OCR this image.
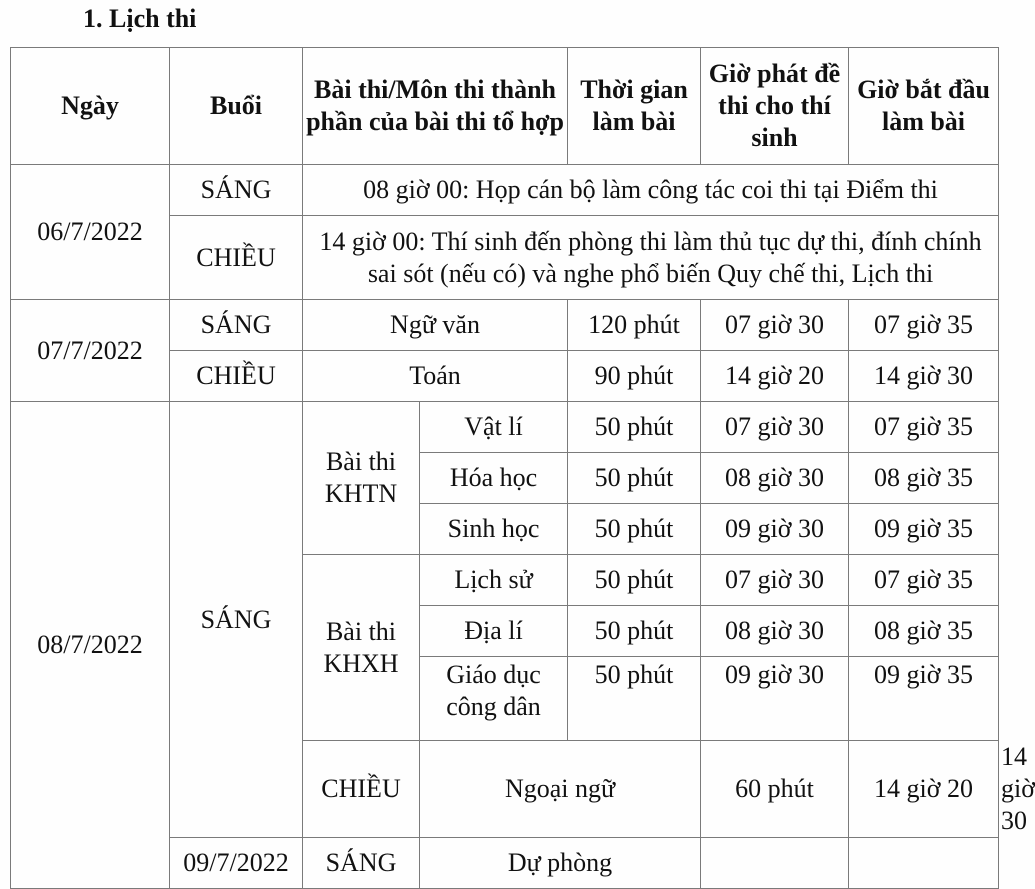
1. Lịch thi
Ngày	Buổi	Bài thi/Môn thi thành phần của bài thi tổ hợp		Thời gian làm bài	Giờ phát đề thi cho thí sinh	Giờ bắt đầu làm bài	
06/7/2022	SÁNG	08 giờ 00: Họp cán bộ làm công tác coi thi tại Điểm thi					
	CHIỀU	14 giờ 00: Thí sinh đến phòng thi làm thủ tục dự thi, đính chính sai sót (nếu có) và nghe phổ biến Quy chế thi, Lịch thi					
07/7/2022	SÁNG	Ngữ văn		120 phút	07 giờ 30	07 giờ 35	
	CHIỀU	Toán		90 phút	14 giờ 20	14 giờ 30	
08/7/2022	SÁNG	Bài thi KHTN	Vật lí	50 phút	07 giờ 30	07 giờ 35	
			Hóa học	50 phút	08 giờ 30	08 giờ 35	
			Sinh học	50 phút	09 giờ 30	09 giờ 35	
		Bài thi KHXH	Lịch sử	50 phút	07 giờ 30	07 giờ 35	
			Địa lí	50 phút	08 giờ 30	08 giờ 35	
			Giáo dục công dân	50 phút	09 giờ 30	09 giờ 35	
		CHIỀU	Ngoại ngữ		60 phút	14 giờ 20	14 giờ 30
	09/7/2022	SÁNG	Dự phòng				
